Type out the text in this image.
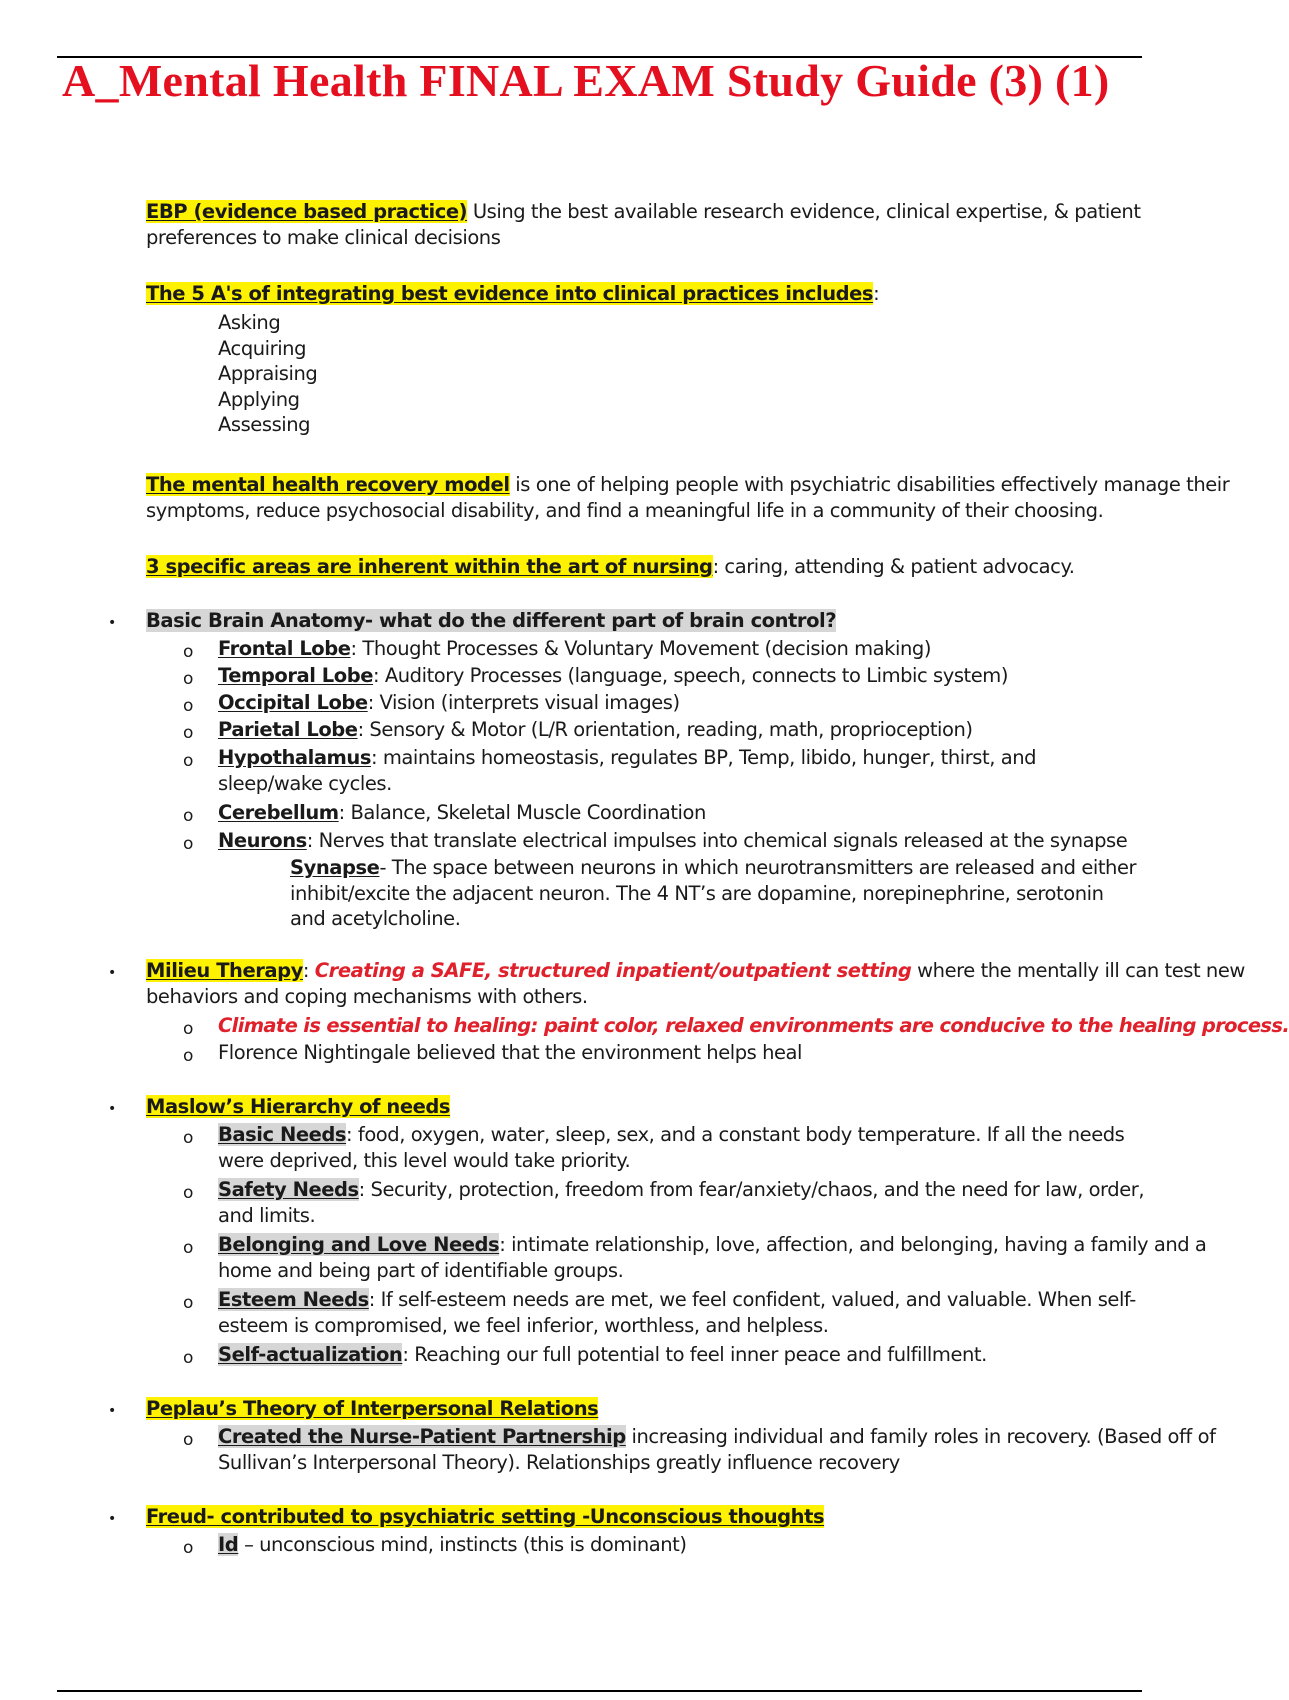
A_Mental Health FINAL EXAM Study Guide (3) (1)
EBP (evidence based practice) Using the best available research evidence, clinical expertise, & patient
preferences to make clinical decisions
The 5 A's of integrating best evidence into clinical practices includes:
Asking
Acquiring
Appraising
Applying
Assessing
The mental health recovery model is one of helping people with psychiatric disabilities effectively manage their
symptoms, reduce psychosocial disability, and find a meaningful life in a community of their choosing.
3 specific areas are inherent within the art of nursing: caring, attending & patient advocacy.
• Basic Brain Anatomy- what do the different part of brain control?
o Frontal Lobe: Thought Processes & Voluntary Movement (decision making)
o Temporal Lobe: Auditory Processes (language, speech, connects to Limbic system)
o Occipital Lobe: Vision (interprets visual images)
o Parietal Lobe: Sensory & Motor (L/R orientation, reading, math, proprioception)
o Hypothalamus: maintains homeostasis, regulates BP, Temp, libido, hunger, thirst, and
sleep/wake cycles.
o Cerebellum: Balance, Skeletal Muscle Coordination
o Neurons: Nerves that translate electrical impulses into chemical signals released at the synapse
Synapse- The space between neurons in which neurotransmitters are released and either
inhibit/excite the adjacent neuron. The 4 NT’s are dopamine, norepinephrine, serotonin
and acetylcholine.
• Milieu Therapy: Creating a SAFE, structured inpatient/outpatient setting where the mentally ill can test new
behaviors and coping mechanisms with others.
o Climate is essential to healing: paint color, relaxed environments are conducive to the healing process.
o Florence Nightingale believed that the environment helps heal
• Maslow’s Hierarchy of needs
o Basic Needs: food, oxygen, water, sleep, sex, and a constant body temperature. If all the needs
were deprived, this level would take priority.
o Safety Needs: Security, protection, freedom from fear/anxiety/chaos, and the need for law, order,
and limits.
o Belonging and Love Needs: intimate relationship, love, affection, and belonging, having a family and a
home and being part of identifiable groups.
o Esteem Needs: If self-esteem needs are met, we feel confident, valued, and valuable. When self-
esteem is compromised, we feel inferior, worthless, and helpless.
o Self-actualization: Reaching our full potential to feel inner peace and fulfillment.
• Peplau’s Theory of Interpersonal Relations
o Created the Nurse-Patient Partnership increasing individual and family roles in recovery. (Based off of
Sullivan’s Interpersonal Theory). Relationships greatly influence recovery
• Freud- contributed to psychiatric setting -Unconscious thoughts
o Id – unconscious mind, instincts (this is dominant)
